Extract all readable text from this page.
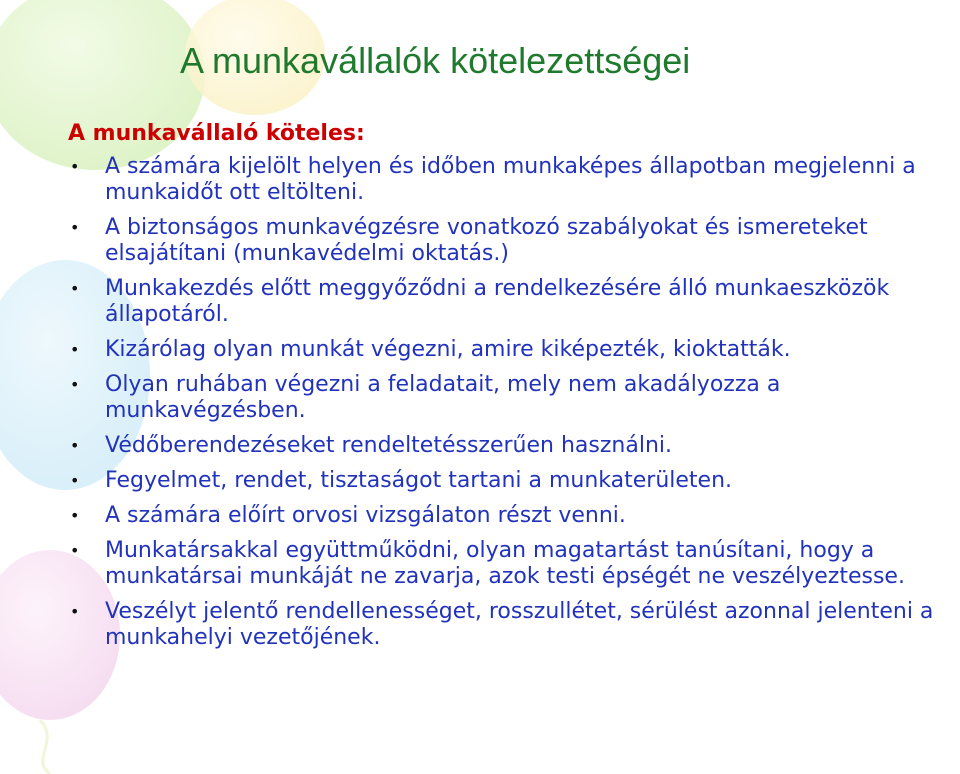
A munkavállalók kötelezettségei
A munkavállaló köteles:
• A számára kijelölt helyen és időben munkaképes állapotban megjelenni a munkaidőt ott eltölteni.
• A biztonságos munkavégzésre vonatkozó szabályokat és ismereteket elsajátítani (munkavédelmi oktatás.)
• Munkakezdés előtt meggyőződni a rendelkezésére álló munkaeszközök állapotáról.
• Kizárólag olyan munkát végezni, amire kiképezték, kioktatták.
• Olyan ruhában végezni a feladatait, mely nem akadályozza a munkavégzésben.
• Védőberendezéseket rendeltetésszerűen használni.
• Fegyelmet, rendet, tisztaságot tartani a munkaterületen.
• A számára előírt orvosi vizsgálaton részt venni.
• Munkatársakkal együttműködni, olyan magatartást tanúsítani, hogy a munkatársai munkáját ne zavarja, azok testi épségét ne veszélyeztesse.
• Veszélyt jelentő rendellenességet, rosszullétet, sérülést azonnal jelenteni a munkahelyi vezetőjének.
